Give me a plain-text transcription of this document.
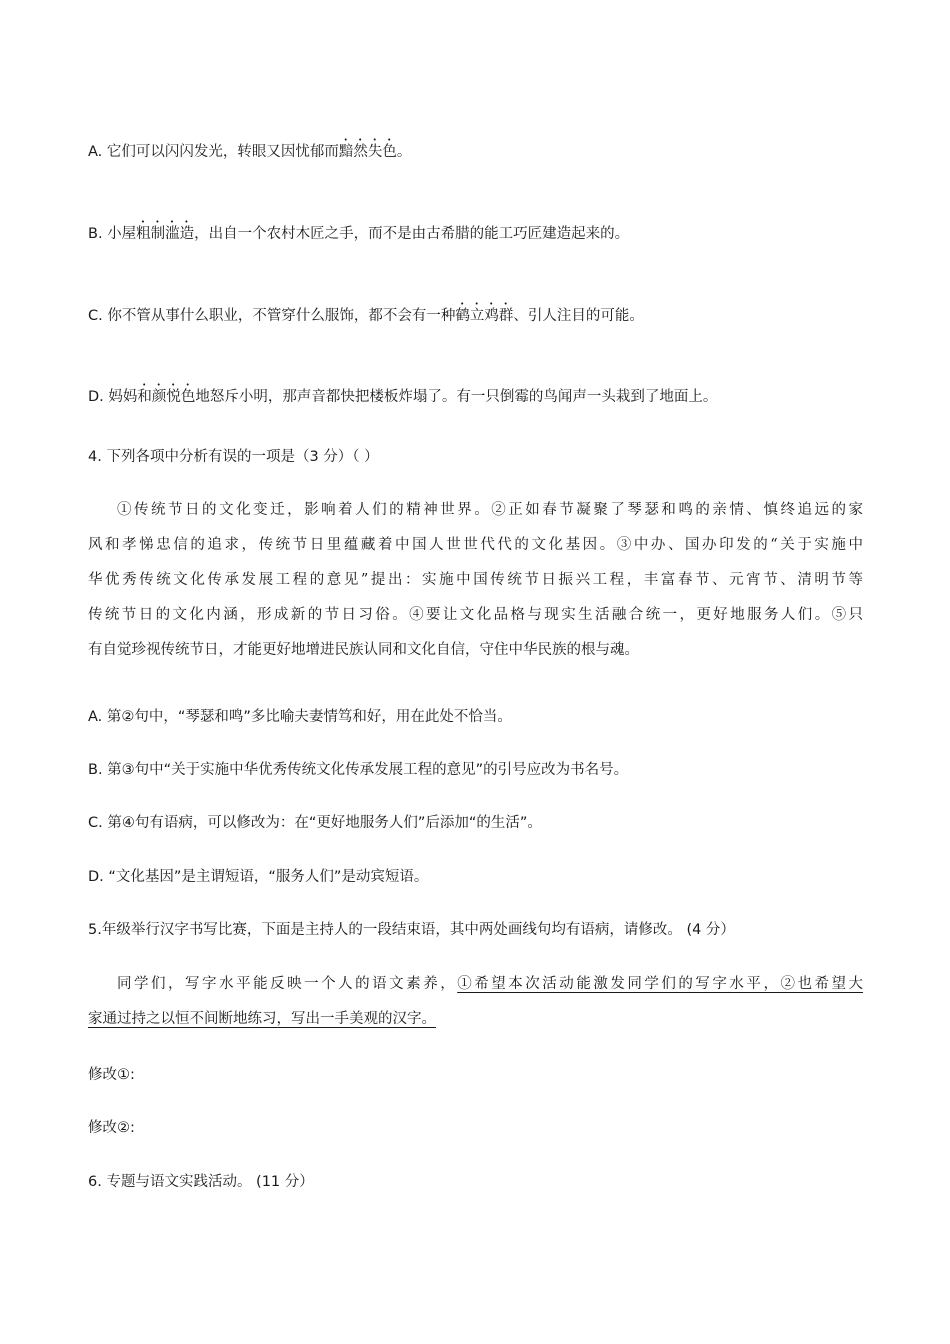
A. 它们可以闪闪发光，转眼又因忧郁而黯然失色。
B. 小屋粗制滥造，出自一个农村木匠之手，而不是由古希腊的能工巧匠建造起来的。
C. 你不管从事什么职业，不管穿什么服饰，都不会有一种鹤立鸡群、引人注目的可能。
D. 妈妈和颜悦色地怒斥小明，那声音都快把楼板炸塌了。有一只倒霉的鸟闻声一头栽到了地面上。
4. 下列各项中分析有误的一项是（3 分）（ ）
①传统节日的文化变迁，影响着人们的精神世界。②正如春节凝聚了琴瑟和鸣的亲情、慎终追远的家
风和孝悌忠信的追求，传统节日里蕴藏着中国人世世代代的文化基因。③中办、国办印发的“关于实施中
华优秀传统文化传承发展工程的意见”提出：实施中国传统节日振兴工程，丰富春节、元宵节、清明节等
传统节日的文化内涵，形成新的节日习俗。④要让文化品格与现实生活融合统一，更好地服务人们。⑤只
有自觉珍视传统节日，才能更好地增进民族认同和文化自信，守住中华民族的根与魂。
A. 第②句中，“琴瑟和鸣”多比喻夫妻情笃和好，用在此处不恰当。
B. 第③句中“关于实施中华优秀传统文化传承发展工程的意见”的引号应改为书名号。
C. 第④句有语病，可以修改为：在“更好地服务人们”后添加“的生活”。
D. “文化基因”是主谓短语，“服务人们”是动宾短语。
5.年级举行汉字书写比赛，下面是主持人的一段结束语，其中两处画线句均有语病，请修改。 (4 分）
同学们，写字水平能反映一个人的语文素养，①希望本次活动能激发同学们的写字水平，②也希望大
家通过持之以恒不间断地练习，写出一手美观的汉字。
修改①:
修改②:
6. 专题与语文实践活动。 (11 分）
